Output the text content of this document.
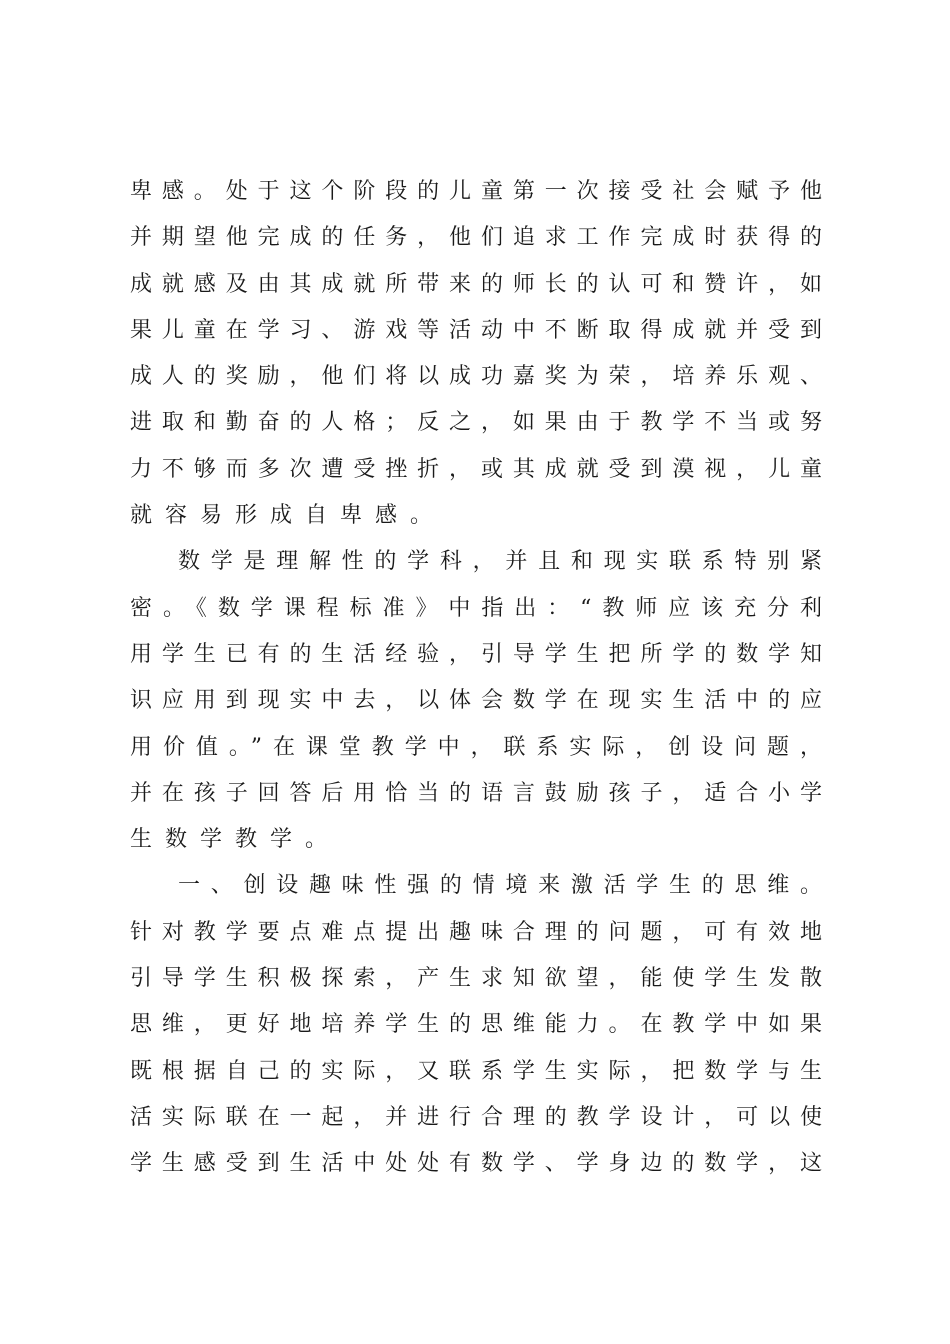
卑感。处于这个阶段的儿童第一次接受社会赋予他
并期望他完成的任务，他们追求工作完成时获得的
成就感及由其成就所带来的师长的认可和赞许，如
果儿童在学习、游戏等活动中不断取得成就并受到
成人的奖励，他们将以成功嘉奖为荣，培养乐观、
进取和勤奋的人格；反之，如果由于教学不当或努
力不够而多次遭受挫折，或其成就受到漠视，儿童
就容易形成自卑感。
数学是理解性的学科，并且和现实联系特别紧
密。《数学课程标准》中指出：“教师应该充分利
用学生已有的生活经验，引导学生把所学的数学知
识应用到现实中去，以体会数学在现实生活中的应
用价值。”在课堂教学中，联系实际，创设问题，
并在孩子回答后用恰当的语言鼓励孩子，适合小学
生数学教学。
一、创设趣味性强的情境来激活学生的思维。
针对教学要点难点提出趣味合理的问题，可有效地
引导学生积极探索，产生求知欲望，能使学生发散
思维，更好地培养学生的思维能力。在教学中如果
既根据自己的实际，又联系学生实际，把数学与生
活实际联在一起，并进行合理的教学设计，可以使
学生感受到生活中处处有数学、学身边的数学，这
